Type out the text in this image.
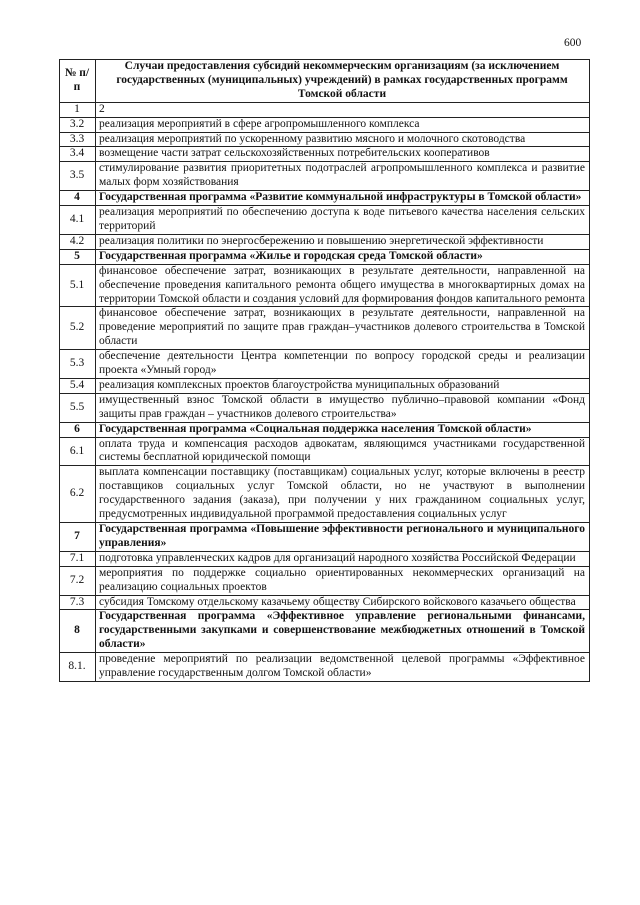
600
№ п/п	Случаи предоставления субсидий некоммерческим организациям (за исключением государственных (муниципальных) учреждений) в рамках государственных программ Томской области
1	2
3.2	реализация мероприятий в сфере агропромышленного комплекса
3.3	реализация мероприятий по ускоренному развитию мясного и молочного скотоводства
3.4	возмещение части затрат сельскохозяйственных потребительских кооперативов
3.5	стимулирование развития приоритетных подотраслей агропромышленного комплекса и развитие малых форм хозяйствования
4	Государственная программа «Развитие коммунальной инфраструктуры в Томской области»
4.1	реализация мероприятий по обеспечению доступа к воде питьевого качества населения сельских территорий
4.2	реализация политики по энергосбережению и повышению энергетической эффективности
5	Государственная программа «Жилье и городская среда Томской области»
5.1	финансовое обеспечение затрат, возникающих в результате деятельности, направленной на обеспечение проведения капитального ремонта общего имущества в многоквартирных домах на территории Томской области и создания условий для формирования фондов капитального ремонта
5.2	финансовое обеспечение затрат, возникающих в результате деятельности, направленной на проведение мероприятий по защите прав граждан–участников долевого строительства в Томской области
5.3	обеспечение деятельности Центра компетенции по вопросу городской среды и реализации проекта «Умный город»
5.4	реализация комплексных проектов благоустройства муниципальных образований
5.5	имущественный взнос Томской области в имущество публично–правовой компании «Фонд защиты прав граждан – участников долевого строительства»
6	Государственная программа «Социальная поддержка населения Томской области»
6.1	оплата труда и компенсация расходов адвокатам, являющимся участниками государственной системы бесплатной юридической помощи
6.2	выплата компенсации поставщику (поставщикам) социальных услуг, которые включены в реестр поставщиков социальных услуг Томской области, но не участвуют в выполнении государственного задания (заказа), при получении у них гражданином социальных услуг, предусмотренных индивидуальной программой предоставления социальных услуг
7	Государственная программа «Повышение эффективности регионального и муниципального управления»
7.1	подготовка управленческих кадров для организаций народного хозяйства Российской Федерации
7.2	мероприятия по поддержке социально ориентированных некоммерческих организаций на реализацию социальных проектов
7.3	субсидия Томскому отдельскому казачьему обществу Сибирского войскового казачьего общества
8	Государственная программа «Эффективное управление региональными финансами, государственными закупками и совершенствование межбюджетных отношений в Томской области»
8.1.	проведение мероприятий по реализации ведомственной целевой программы «Эффективное управление государственным долгом Томской области»
